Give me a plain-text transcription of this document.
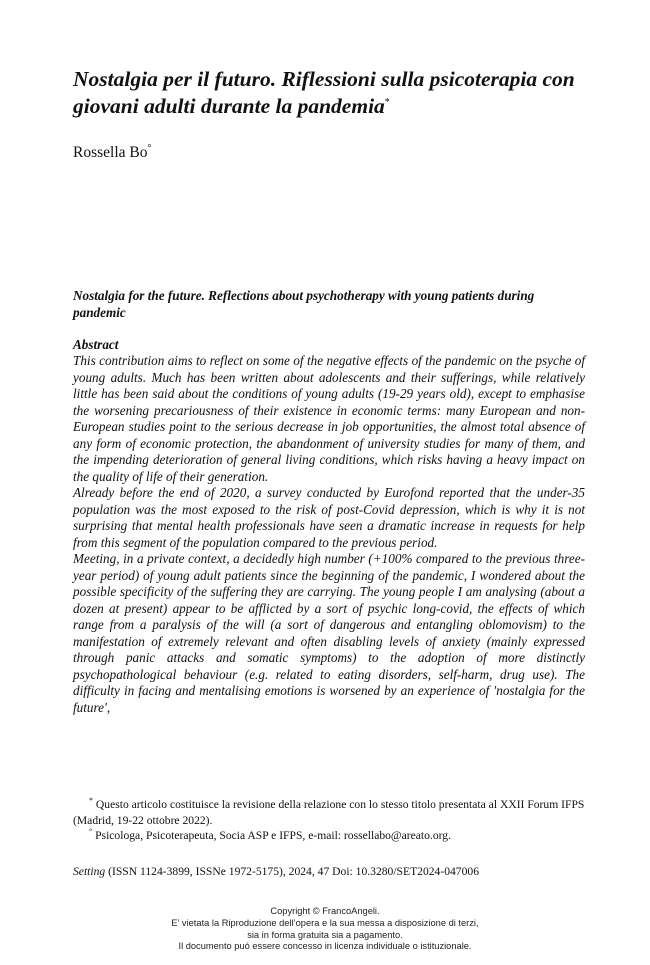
Nostalgia per il futuro. Riflessioni sulla psicoterapia con giovani adulti durante la pandemia*

Rossella Bo°

Nostalgia for the future. Reflections about psychotherapy with young patients during pandemic

Abstract

This contribution aims to reflect on some of the negative effects of the pandemic on the psyche of young adults. Much has been written about adolescents and their sufferings, while relatively little has been said about the conditions of young adults (19-29 years old), except to emphasise the worsening precariousness of their existence in economic terms: many European and non-European studies point to the serious decrease in job opportunities, the almost total absence of any form of economic protection, the abandonment of university studies for many of them, and the impending deterioration of general living conditions, which risks having a heavy impact on the quality of life of their generation.

Already before the end of 2020, a survey conducted by Eurofond reported that the under-35 population was the most exposed to the risk of post-Covid depression, which is why it is not surprising that mental health professionals have seen a dramatic increase in requests for help from this segment of the population compared to the previous period.

Meeting, in a private context, a decidedly high number (+100% compared to the previous three-year period) of young adult patients since the beginning of the pandemic, I wondered about the possible specificity of the suffering they are carrying. The young people I am analysing (about a dozen at present) appear to be afflicted by a sort of psychic long-covid, the effects of which range from a paralysis of the will (a sort of dangerous and entangling oblomovism) to the manifestation of extremely relevant and often disabling levels of anxiety (mainly expressed through panic attacks and somatic symptoms) to the adoption of more distinctly psychopathological behaviour (e.g. related to eating disorders, self-harm, drug use). The difficulty in facing and mentalising emotions is worsened by an experience of 'nostalgia for the future',

* Questo articolo costituisce la revisione della relazione con lo stesso titolo presentata al XXII Forum IFPS (Madrid, 19-22 ottobre 2022).

° Psicologa, Psicoterapeuta, Socia ASP e IFPS, e-mail: rossellabo@areato.org.

Setting (ISSN 1124-3899, ISSNe 1972-5175), 2024, 47 Doi: 10.3280/SET2024-047006

Copyright © FrancoAngeli.
E’ vietata la Riproduzione dell’opera e la sua messa a disposizione di terzi,
sia in forma gratuita sia a pagamento.
Il documento può essere concesso in licenza individuale o istituzionale.
